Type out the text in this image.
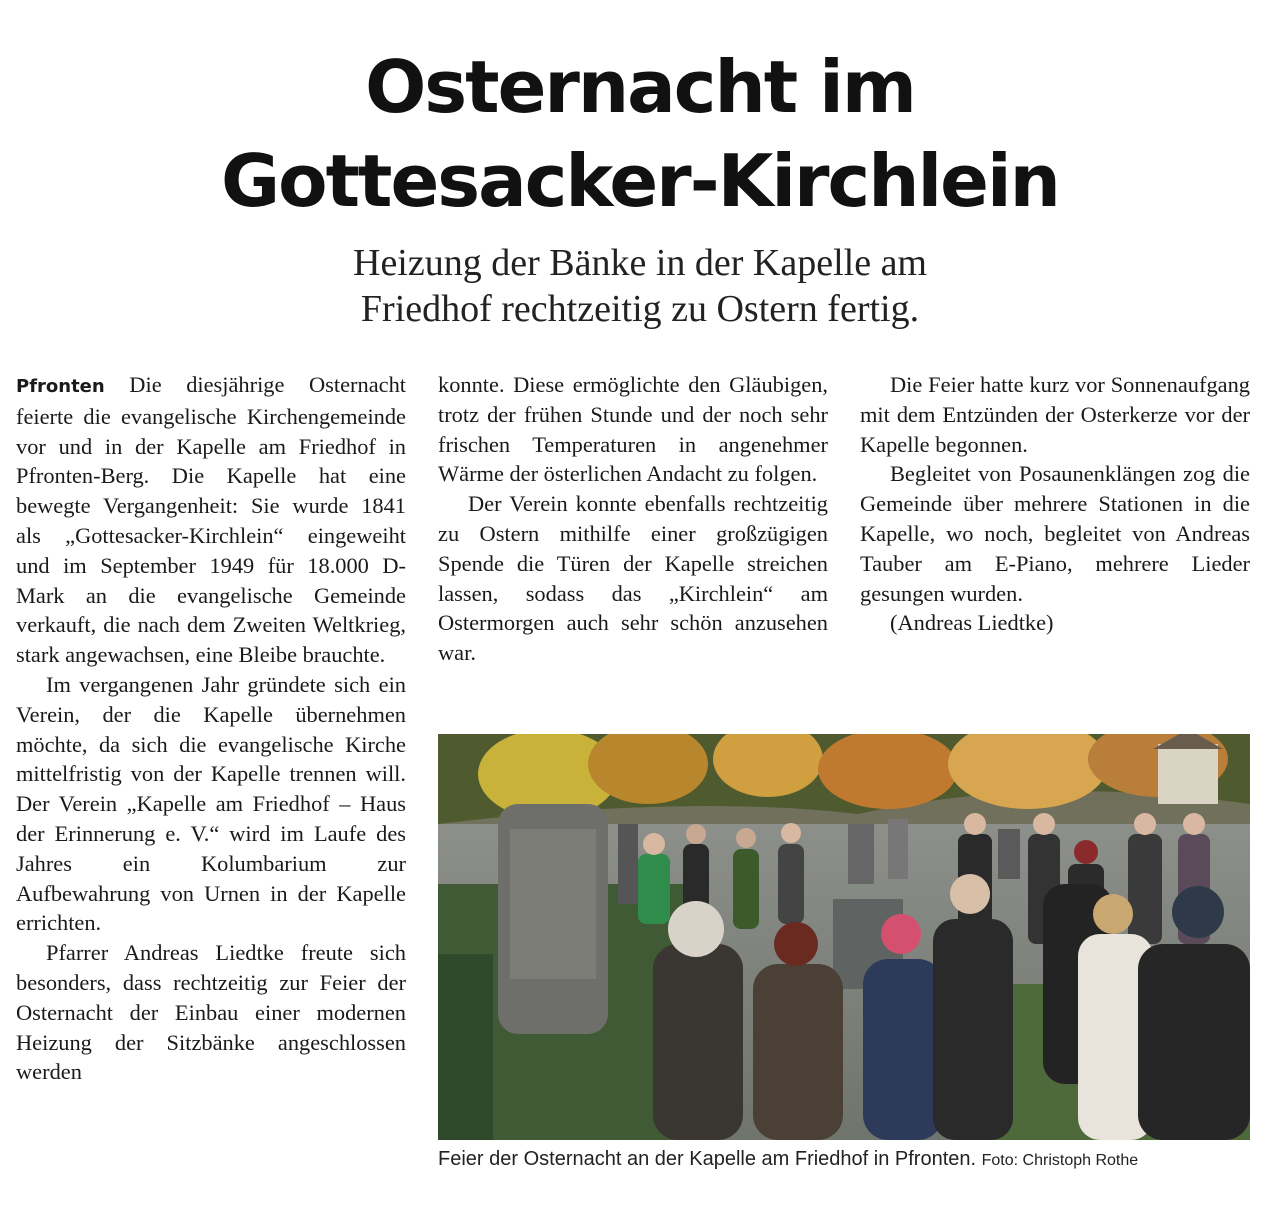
Osternacht im
Gottesacker-Kirchlein
Heizung der Bänke in der Kapelle am
Friedhof rechtzeitig zu Ostern fertig.

Pfronten Die diesjährige Osternacht feierte die evangelische Kirchengemeinde vor und in der Kapelle am Friedhof in Pfronten-Berg. Die Kapelle hat eine bewegte Vergangenheit: Sie wurde 1841 als „Gottesacker-Kirchlein“ eingeweiht und im September 1949 für 18.000 D-Mark an die evangelische Gemeinde verkauft, die nach dem Zweiten Weltkrieg, stark angewachsen, eine Bleibe brauchte.

Im vergangenen Jahr gründete sich ein Verein, der die Kapelle übernehmen möchte, da sich die evangelische Kirche mittelfristig von der Kapelle trennen will. Der Verein „Kapelle am Friedhof – Haus der Erinnerung e. V.“ wird im Laufe des Jahres ein Kolumbarium zur Aufbewahrung von Urnen in der Kapelle errichten.

Pfarrer Andreas Liedtke freute sich besonders, dass rechtzeitig zur Feier der Osternacht der Einbau einer modernen Heizung der Sitzbänke angeschlossen werden

konnte. Diese ermöglichte den Gläubigen, trotz der frühen Stunde und der noch sehr frischen Temperaturen in angenehmer Wärme der österlichen Andacht zu folgen.

Der Verein konnte ebenfalls rechtzeitig zu Ostern mithilfe einer großzügigen Spende die Türen der Kapelle streichen lassen, sodass das „Kirchlein“ am Ostermorgen auch sehr schön anzusehen war.

Die Feier hatte kurz vor Sonnenaufgang mit dem Entzünden der Osterkerze vor der Kapelle begonnen.

Begleitet von Posaunenklängen zog die Gemeinde über mehrere Stationen in die Kapelle, wo noch, begleitet von Andreas Tauber am E-Piano, mehrere Lieder gesungen wurden.

(Andreas Liedtke)

Feier der Osternacht an der Kapelle am Friedhof in Pfronten. Foto: Christoph Rothe
